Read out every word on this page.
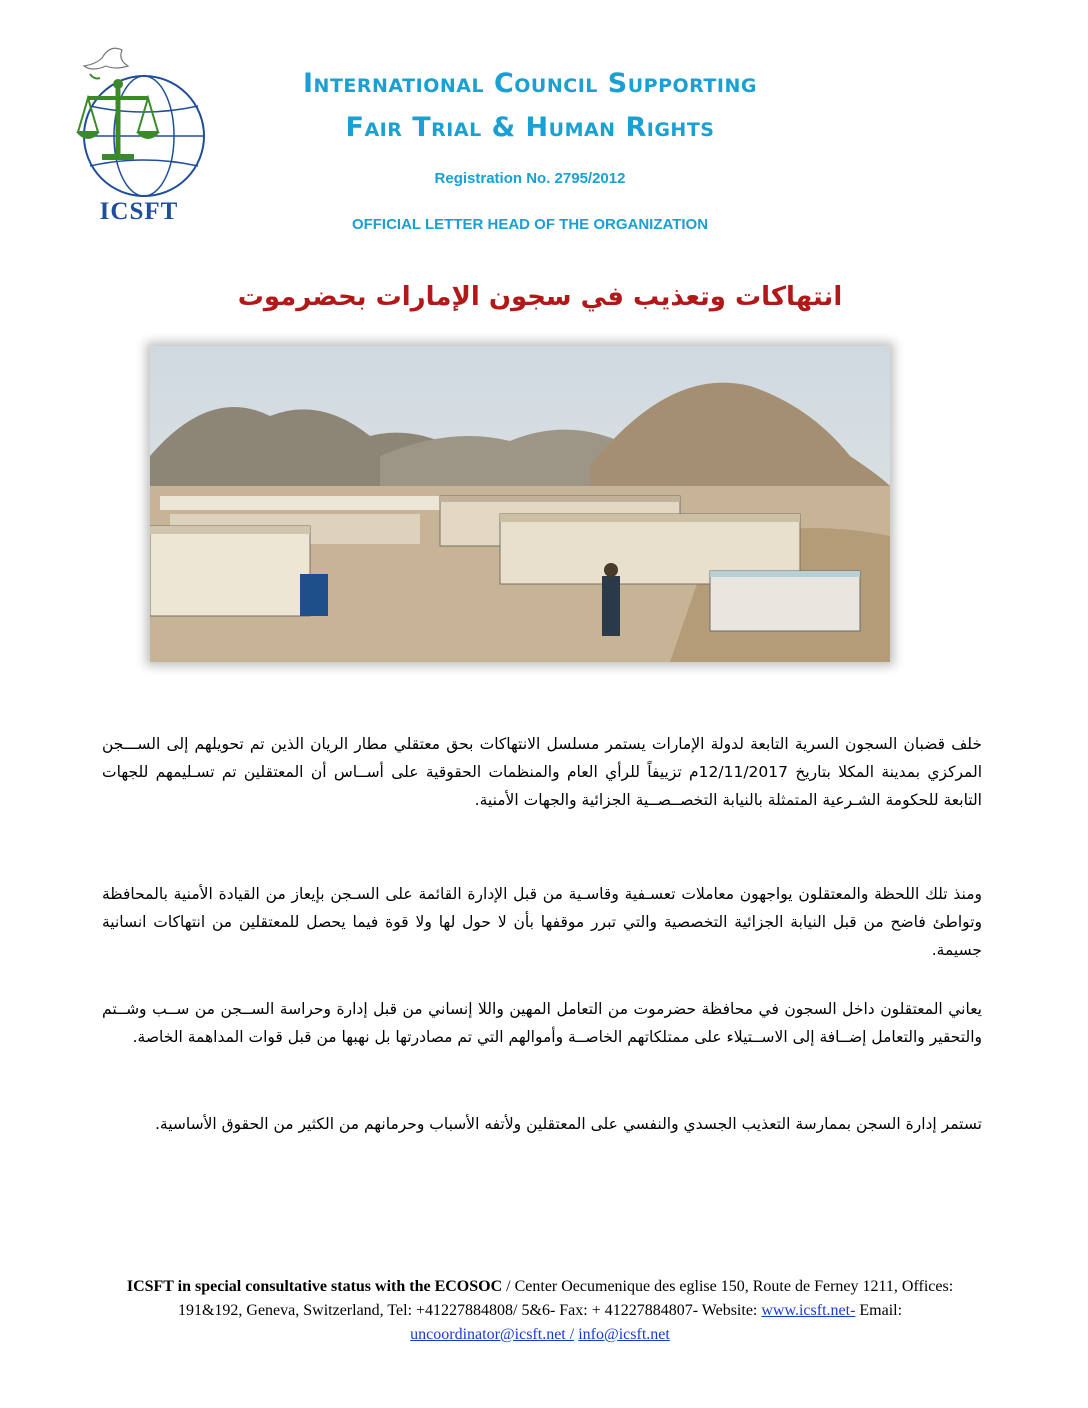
ICSFT
International Council Supporting
Fair Trial & Human Rights
Registration No. 2795/2012
OFFICIAL LETTER HEAD OF THE ORGANIZATION
انتهاكات وتعذيب في سجون الإمارات بحضرموت
خلف قضبان السجون السرية التابعة لدولة الإمارات يستمر مسلسل الانتهاكات بحق معتقلي مطار الريان الذين تم تحويلهم إلى الســـجن المركزي بمدينة المكلا بتاريخ 12/11/2017م تزييفاً للرأي العام والمنظمات الحقوقية على أســاس أن المعتقلين تم تسـليمهم للجهات التابعة للحكومة الشـرعية المتمثلة بالنيابة التخصــصــية الجزائية والجهات الأمنية.
ومنذ تلك اللحظة والمعتقلون يواجهون معاملات تعسـفية وقاسـية من قبل الإدارة القائمة على السـجن بإيعاز من القيادة الأمنية بالمحافظة وتواطئ فاضح من قبل النيابة الجزائية التخصصية والتي تبرر موقفها بأن لا حول لها ولا قوة فيما يحصل للمعتقلين من انتهاكات انسانية جسيمة.
يعاني المعتقلون داخل السجون في محافظة حضرموت من التعامل المهين واللا إنساني من قبل إدارة وحراسة الســجن من ســب وشــتم والتحقير والتعامل إضــافة إلى الاســتيلاء على ممتلكاتهم الخاصــة وأموالهم التي تم مصادرتها بل نهبها من قبل قوات المداهمة الخاصة.
تستمر إدارة السجن بممارسة التعذيب الجسدي والنفسي على المعتقلين ولأتفه الأسباب وحرمانهم من الكثير من الحقوق الأساسية.
ICSFT in special consultative status with the ECOSOC / Center Oecumenique des eglise 150, Route de Ferney 1211, Offices: 191&192, Geneva, Switzerland, Tel: +41227884808/ 5&6- Fax: + 41227884807- Website: www.icsft.net- Email: uncoordinator@icsft.net / info@icsft.net
